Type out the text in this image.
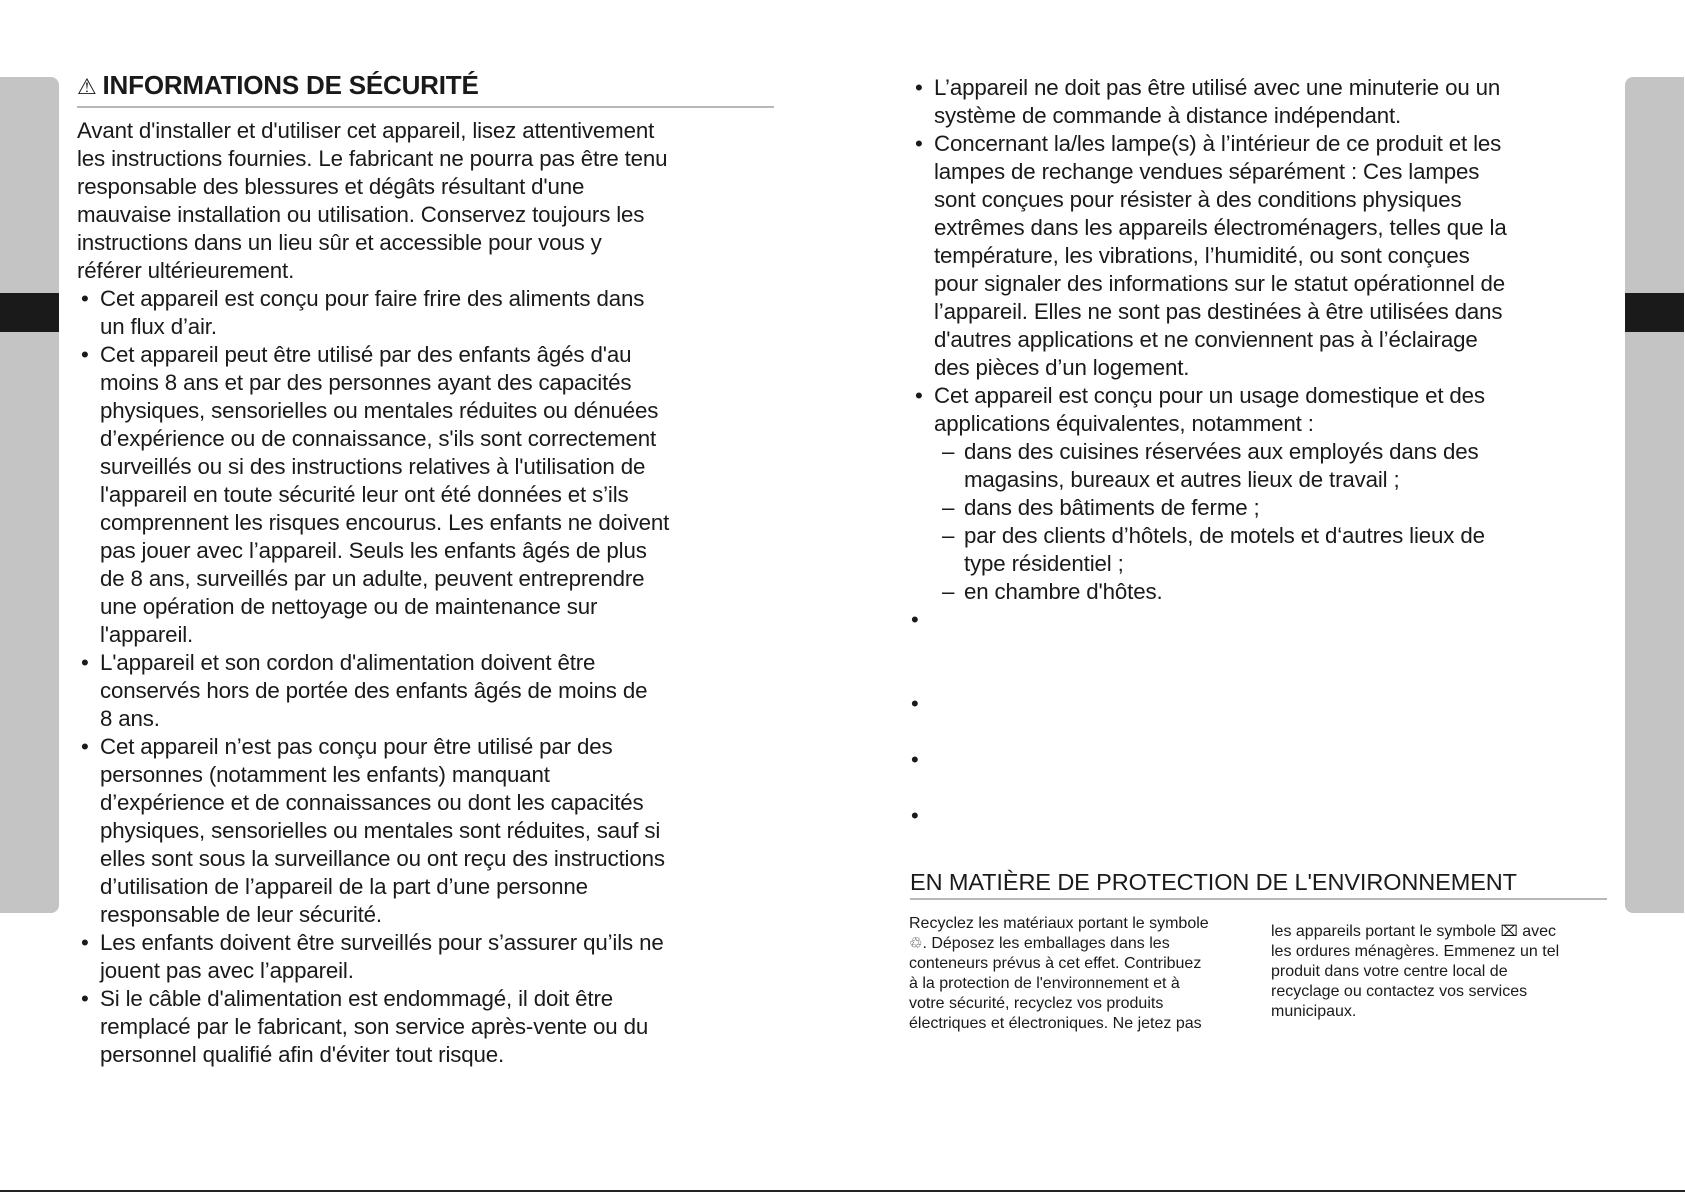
⚠ INFORMATIONS DE SÉCURITÉ
Avant d'installer et d'utiliser cet appareil, lisez attentivement
les instructions fournies. Le fabricant ne pourra pas être tenu
responsable des blessures et dégâts résultant d'une
mauvaise installation ou utilisation. Conservez toujours les
instructions dans un lieu sûr et accessible pour vous y
référer ultérieurement.
• Cet appareil est conçu pour faire frire des aliments dans
un flux d’air.
• Cet appareil peut être utilisé par des enfants âgés d'au
moins 8 ans et par des personnes ayant des capacités
physiques, sensorielles ou mentales réduites ou dénuées
d’expérience ou de connaissance, s'ils sont correctement
surveillés ou si des instructions relatives à l'utilisation de
l'appareil en toute sécurité leur ont été données et s’ils
comprennent les risques encourus. Les enfants ne doivent
pas jouer avec l’appareil. Seuls les enfants âgés de plus
de 8 ans, surveillés par un adulte, peuvent entreprendre
une opération de nettoyage ou de maintenance sur
l'appareil.
• L'appareil et son cordon d'alimentation doivent être
conservés hors de portée des enfants âgés de moins de
8 ans.
• Cet appareil n’est pas conçu pour être utilisé par des
personnes (notamment les enfants) manquant
d’expérience et de connaissances ou dont les capacités
physiques, sensorielles ou mentales sont réduites, sauf si
elles sont sous la surveillance ou ont reçu des instructions
d’utilisation de l’appareil de la part d’une personne
responsable de leur sécurité.
• Les enfants doivent être surveillés pour s’assurer qu’ils ne
jouent pas avec l’appareil.
• Si le câble d'alimentation est endommagé, il doit être
remplacé par le fabricant, son service après-vente ou du
personnel qualifié afin d'éviter tout risque.
• L’appareil ne doit pas être utilisé avec une minuterie ou un
système de commande à distance indépendant.
• Concernant la/les lampe(s) à l’intérieur de ce produit et les
lampes de rechange vendues séparément : Ces lampes
sont conçues pour résister à des conditions physiques
extrêmes dans les appareils électroménagers, telles que la
température, les vibrations, l’humidité, ou sont conçues
pour signaler des informations sur le statut opérationnel de
l’appareil. Elles ne sont pas destinées à être utilisées dans
d'autres applications et ne conviennent pas à l’éclairage
des pièces d’un logement.
• Cet appareil est conçu pour un usage domestique et des
applications équivalentes, notamment :
– dans des cuisines réservées aux employés dans des
magasins, bureaux et autres lieux de travail ;
– dans des bâtiments de ferme ;
– par des clients d’hôtels, de motels et d‘autres lieux de
type résidentiel ;
– en chambre d'hôtes.
•
•
•
•
EN MATIÈRE DE PROTECTION DE L'ENVIRONNEMENT
Recyclez les matériaux portant le symbole
♲. Déposez les emballages dans les
conteneurs prévus à cet effet. Contribuez
à la protection de l'environnement et à
votre sécurité, recyclez vos produits
électriques et électroniques. Ne jetez pas
les appareils portant le symbole ⌧ avec
les ordures ménagères. Emmenez un tel
produit dans votre centre local de
recyclage ou contactez vos services
municipaux.
